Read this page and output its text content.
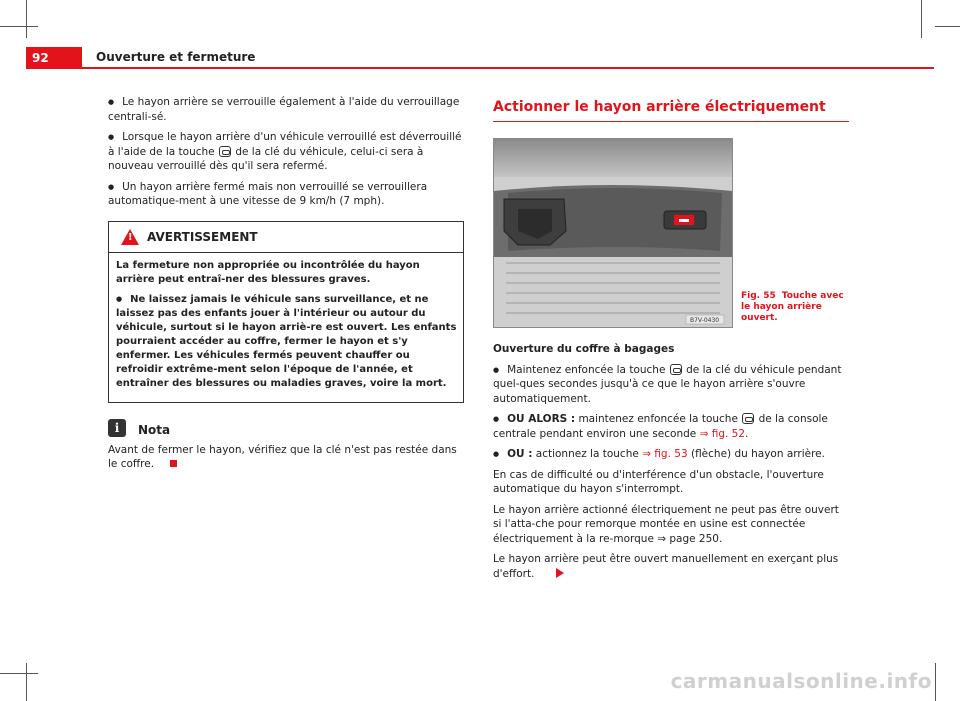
92	Ouverture et fermeture

● Le hayon arrière se verrouille également à l'aide du verrouillage centrali-sé.

● Lorsque le hayon arrière d'un véhicule verrouillé est déverrouillé à l'aide de la touche de la clé du véhicule, celui-ci sera à nouveau verrouillé dès qu'il sera refermé.

● Un hayon arrière fermé mais non verrouillé se verrouillera automatique-ment à une vitesse de 9 km/h (7 mph).

! AVERTISSEMENT

La fermeture non appropriée ou incontrôlée du hayon arrière peut entraî-ner des blessures graves.

● Ne laissez jamais le véhicule sans surveillance, et ne laissez pas des enfants jouer à l'intérieur ou autour du véhicule, surtout si le hayon arriè-re est ouvert. Les enfants pourraient accéder au coffre, fermer le hayon et s'y enfermer. Les véhicules fermés peuvent chauffer ou refroidir extrême-ment selon l'époque de l'année, et entraîner des blessures ou maladies graves, voire la mort.

i	Nota

Avant de fermer le hayon, vérifiez que la clé n'est pas restée dans le coffre.

Actionner le hayon arrière électriquement
B7V-0430
Fig. 55 Touche avec le hayon arrière ouvert.

Ouverture du coffre à bagages

● Maintenez enfoncée la touche de la clé du véhicule pendant quel-ques secondes jusqu'à ce que le hayon arrière s'ouvre automatiquement.

● OU ALORS : maintenez enfoncée la touche de la console centrale pendant environ une seconde ⇒ fig. 52.

● OU : actionnez la touche ⇒ fig. 53 (flèche) du hayon arrière.

En cas de difficulté ou d'interférence d'un obstacle, l'ouverture automatique du hayon s'interrompt.

Le hayon arrière actionné électriquement ne peut pas être ouvert si l'atta-che pour remorque montée en usine est connectée électriquement à la re-morque ⇒ page 250.

Le hayon arrière peut être ouvert manuellement en exerçant plus d'effort.

carmanualsonline.info
